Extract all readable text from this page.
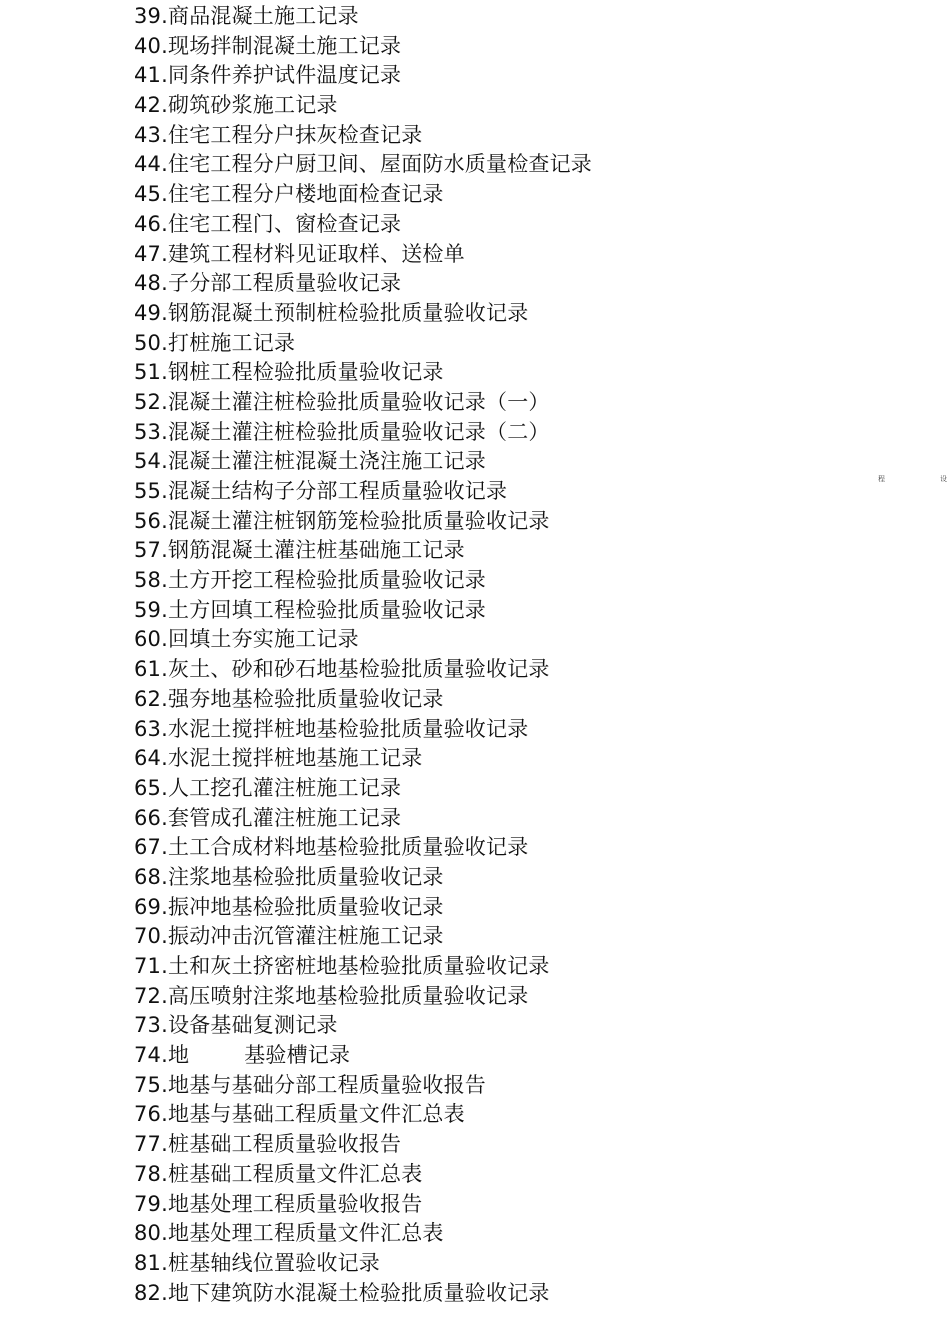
39.商品混凝土施工记录
40.现场拌制混凝土施工记录
41.同条件养护试件温度记录
42.砌筑砂浆施工记录
43.住宅工程分户抹灰检查记录
44.住宅工程分户厨卫间、屋面防水质量检查记录
45.住宅工程分户楼地面检查记录
46.住宅工程门、窗检查记录
47.建筑工程材料见证取样、送检单
48.子分部工程质量验收记录
49.钢筋混凝土预制桩检验批质量验收记录
50.打桩施工记录
51.钢桩工程检验批质量验收记录
52.混凝土灌注桩检验批质量验收记录（一）
53.混凝土灌注桩检验批质量验收记录（二）
54.混凝土灌注桩混凝土浇注施工记录
55.混凝土结构子分部工程质量验收记录
56.混凝土灌注桩钢筋笼检验批质量验收记录
57.钢筋混凝土灌注桩基础施工记录
58.土方开挖工程检验批质量验收记录
59.土方回填工程检验批质量验收记录
60.回填土夯实施工记录
61.灰土、砂和砂石地基检验批质量验收记录
62.强夯地基检验批质量验收记录
63.水泥土搅拌桩地基检验批质量验收记录
64.水泥土搅拌桩地基施工记录
65.人工挖孔灌注桩施工记录
66.套管成孔灌注桩施工记录
67.土工合成材料地基检验批质量验收记录
68.注浆地基检验批质量验收记录
69.振冲地基检验批质量验收记录
70.振动冲击沉管灌注桩施工记录
71.土和灰土挤密桩地基检验批质量验收记录
72.高压喷射注浆地基检验批质量验收记录
73.设备基础复测记录
74.地        基验槽记录
75.地基与基础分部工程质量验收报告
76.地基与基础工程质量文件汇总表
77.桩基础工程质量验收报告
78.桩基础工程质量文件汇总表
79.地基处理工程质量验收报告
80.地基处理工程质量文件汇总表
81.桩基轴线位置验收记录
82.地下建筑防水混凝土检验批质量验收记录
程	设
